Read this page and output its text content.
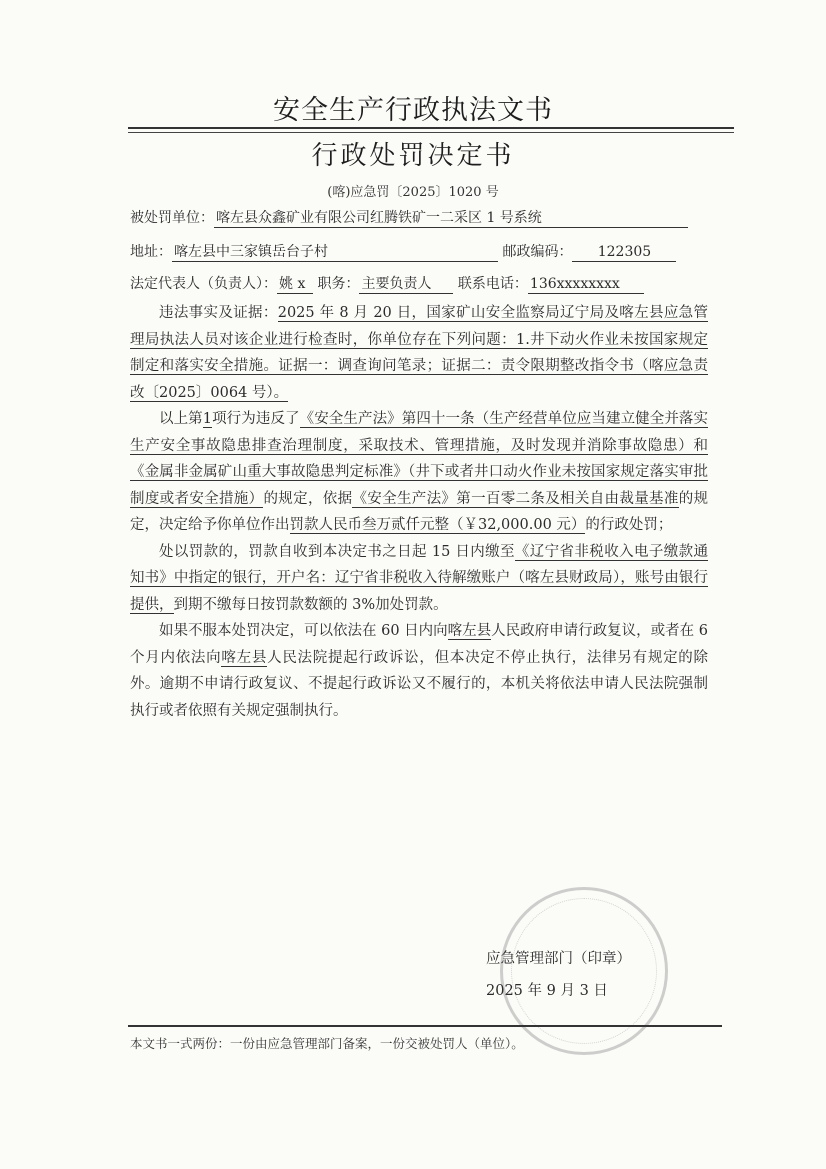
安全生产行政执法文书
行政处罚决定书
(喀)应急罚〔2025〕1020 号
被处罚单位： 喀左县众鑫矿业有限公司红腾铁矿一二采区 1 号系统
地址： 喀左县中三家镇岳台子村	邮政编码： 122305
法定代表人（负责人）： 姚 x 职务： 主要负责人 联系电话： 136xxxxxxxx

违法事实及证据：2025 年 8 月 20 日，国家矿山安全监察局辽宁局及喀左县应急管理局执法人员对该企业进行检查时，你单位存在下列问题：1.井下动火作业未按国家规定制定和落实安全措施。证据一：调查询问笔录；证据二：责令限期整改指令书（喀应急责改〔2025〕0064 号）。

以上第1项行为违反了《安全生产法》第四十一条（生产经营单位应当建立健全并落实生产安全事故隐患排查治理制度，采取技术、管理措施，及时发现并消除事故隐患）和《金属非金属矿山重大事故隐患判定标准》（井下或者井口动火作业未按国家规定落实审批制度或者安全措施）的规定，依据《安全生产法》第一百零二条及相关自由裁量基准的规定，决定给予你单位作出罚款人民币叁万贰仟元整（￥32,000.00 元）的行政处罚；

处以罚款的，罚款自收到本决定书之日起 15 日内缴至《辽宁省非税收入电子缴款通知书》中指定的银行，开户名：辽宁省非税收入待解缴账户（喀左县财政局），账号由银行提供，到期不缴每日按罚款数额的 3%加处罚款。

如果不服本处罚决定，可以依法在 60 日内向喀左县人民政府申请行政复议，或者在 6 个月内依法向喀左县人民法院提起行政诉讼，但本决定不停止执行，法律另有规定的除外。逾期不申请行政复议、不提起行政诉讼又不履行的，本机关将依法申请人民法院强制执行或者依照有关规定强制执行。

应急管理部门（印章）
2025 年 9 月 3 日
本文书一式两份：一份由应急管理部门备案，一份交被处罚人（单位）。
